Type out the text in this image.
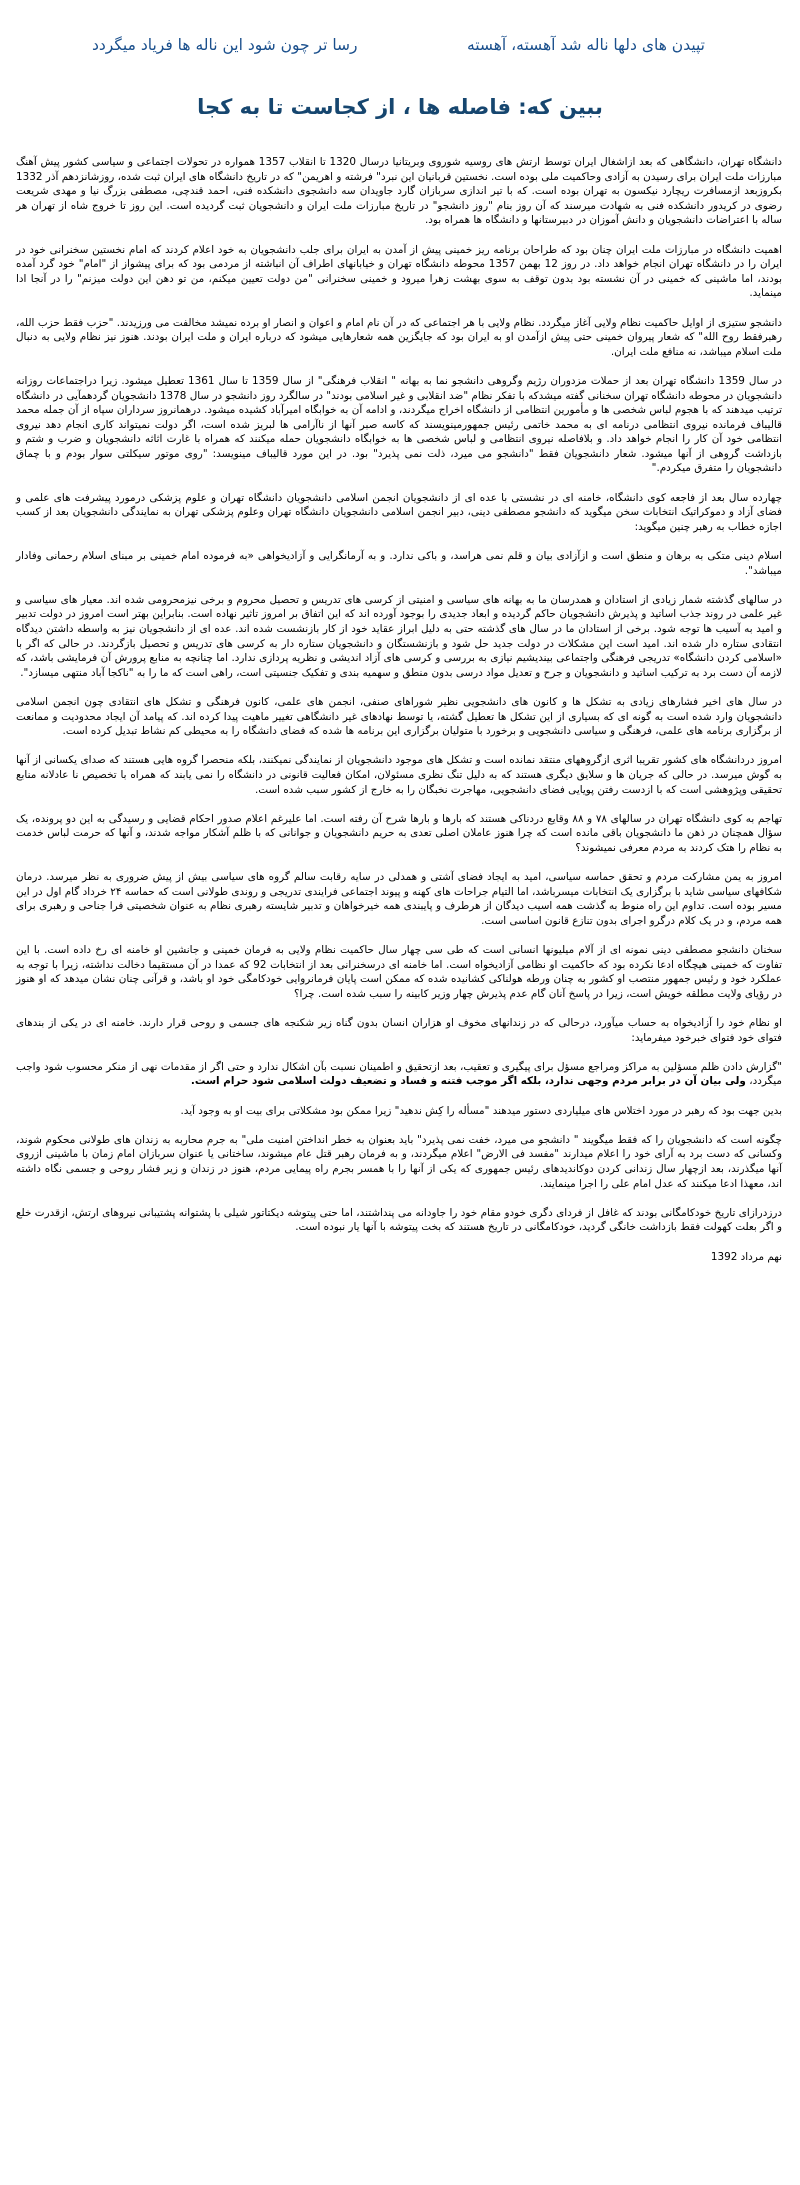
تپیدن های دلها ناله شد آهسته، آهسته
رسا تر چون شود این ناله ها فریاد میگردد
ببین که: فاصله ها ، از کجاست تا به کجا

دانشگاه تهران، دانشگاهی که بعد ازاشغال ایران توسط ارتش های روسیه شوروی وبریتانیا درسال 1320 تا انقلاب 1357 همواره در تحولات اجتماعی و سیاسی کشور پیش آهنگ مبارزات ملت ایران برای رسیدن به آزادی وحاکمیت ملی بوده است. نخستین قربانیان این نبرد" فرشته و اهریمن" که در تاریخ دانشگاه های ایران ثبت شده، روزشانزدهم آذر 1332 بکروزبعد ازمسافرت ریچارد نیکسون به تهران بوده است. که با تیر اندازی سربازان گارد جاویدان سه دانشجوی دانشکده فنی، احمد قندچی، مصطفی بزرگ نیا و مهدی شریعت رضوی در کریدور دانشکده فنی به شهادت میرسند که آن روز بنام "روز دانشجو" در تاریخ مبارزات ملت ایران و دانشجویان ثبت گردیده است. این روز تا خروج شاه از تهران هر ساله با اعتراضات دانشجویان و دانش آموزان در دبیرستانها و دانشگاه ها همراه بود.

اهمیت دانشگاه در مبارزات ملت ایران چنان بود که طراحان برنامه ریز خمینی پیش از آمدن به ایران برای جلب دانشجویان به خود اعلام کردند که امام نخستین سخنرانی خود در ایران را در دانشگاه تهران انجام خواهد داد. در روز 12 بهمن 1357 محوطه دانشگاه تهران و خیابانهای اطراف آن انباشته از مردمی بود که برای پیشواز از "امام" خود گرد آمده بودند، اما ماشینی که خمینی در آن نشسته بود بدون توقف به سوی بهشت زهرا میرود و خمینی سخنرانی "من دولت تعیین میکنم، من تو دهن این دولت میزنم" را در آنجا ادا مینماید.

دانشجو ستیزی از اوایل حاکمیت نظام ولایی آغاز میگردد. نظام ولایی با هر اجتماعی که در آن نام امام و اعوان و انصار او برده نمیشد مخالفت می ورزیدند. "حزب فقط حزب الله، رهبرفقط روح الله" که شعار پیروان خمینی حتی پیش ازآمدن او به ایران بود که جایگزین همه شعارهایی میشود که درباره ایران و ملت ایران بودند. هنوز نیز نظام ولایی به دنبال ملت اسلام میباشد، نه منافع ملت ایران.

در سال 1359 دانشگاه تهران بعد از حملات مزدوران رژیم وگروهی دانشجو نما به بهانه " انقلاب فرهنگی" از سال 1359 تا سال 1361 تعطیل میشود. زیرا دراجتماعات روزانه دانشجویان در محوطه دانشگاه تهران سخنانی گفته میشدکه با تفکر نظام "ضد انقلابی و غیر اسلامی بودند" در سالگرد روز دانشجو در سال 1378 دانشجویان گردهمآیی در دانشگاه ترتیب میدهند که با هجوم لباس شخصی ها و مأمورین انتظامی از دانشگاه اخراج میگردند، و ادامه آن به خوابگاه امیرآباد کشیده میشود. درهمانروز سرداران سپاه از آن جمله محمد قالیباف فرمانده نیروی انتظامی درنامه ای به محمد خاتمی رئیس جمهورمینویسند که کاسه صبر آنها از ناآرامی ها لبریز شده است، اگر دولت نمیتواند کاری انجام دهد نیروی انتظامی خود آن کار را انجام خواهد داد. و بلافاصله نیروی انتظامی و لباس شخصی ها به خوابگاه دانشجویان حمله میکنند که همراه با غارت اثاثه دانشجویان و ضرب و شتم و بازداشت گروهی از آنها میشود. شعار دانشجویان فقط "دانشجو می میرد، ذلت نمی پذیرد" بود. در این مورد قالیباف مینویسد: "روی موتور سیکلتی سوار بودم و با چماق دانشجویان را متفرق میکردم."

چهارده سال بعد از فاجعه کوی دانشگاه، خامنه ای در نشستی با عده ای از دانشجویان انجمن اسلامی دانشجویان دانشگاه تهران و علوم پزشکی درمورد پیشرفت های علمی و فضای آزاد و دموکراتیک انتخابات سخن میگوید که دانشجو مصطفی دینی، دبیر انجمن اسلامی دانشجویان دانشگاه تهران وعلوم پزشکی تهران به نمایندگی دانشجویان بعد از کسب اجازه خطاب به رهبر چنین میگوید:

اسلام دینی متکی به برهان و منطق است و ازآزادی بیان و قلم نمی هراسد، و باکی ندارد. و به آرمانگرایی و آزادیخواهی «به فرموده امام خمینی بر مبنای اسلام رحمانی وفادار میباشد".

در سالهای گذشته شمار زیادی از استادان و همدرسان ما به بهانه های سیاسی و امنیتی از کرسی های تدریس و تحصیل محروم و برخی نیزمحرومی شده اند. معیار های سیاسی و غیر علمی در روند جذب اساتید و پذیرش دانشجویان حاکم گردیده و ابعاد جدیدی را بوجود آورده اند که این اتفاق بر امروز تاثیر نهاده است. بنابراین بهتر است امروز در دولت تدبیر و امید به آسیب ها توجه شود. برخی از استادان ما در سال های گذشته حتی به دلیل ابراز عقاید خود از کار بازنشست شده اند. عده ای از دانشجویان نیز به واسطه داشتن دیدگاه انتقادی ستاره دار شده اند. امید است این مشکلات در دولت جدید حل شود و بازنشستگان و دانشجویان ستاره دار به کرسی های تدریس و تحصیل بازگردند. در حالی که اگر با «اسلامی کردن دانشگاه» تدریجی فرهنگی واجتماعی بیندیشیم نیازی به بررسی و کرسی های آزاد اندیشی و نظریه پردازی ندارد. اما چنانچه به منابع پرورش آن فرمایشی باشد، که لازمه آن دست برد به ترکیب اساتید و دانشجویان و جرح و تعدیل مواد درسی بدون منطق و سهمیه بندی و تفکیک جنسیتی است، راهی است که ما را به "ناکجا آباد منتهی میسازد".

در سال های اخیر فشارهای زیادی به تشکل ها و کانون های دانشجویی نظیر شوراهای صنفی، انجمن های علمی، کانون فرهنگی و تشکل های انتقادی چون انجمن اسلامی دانشجویان وارد شده است به گونه ای که بسیاری از این تشکل ها تعطیل گشته، یا توسط نهادهای غیر دانشگاهی تغییر ماهیت پیدا کرده اند. که پیامد آن ایجاد محدودیت و ممانعت از برگزاری برنامه های علمی، فرهنگی و سیاسی دانشجویی و برخورد با متولیان برگزاری این برنامه ها شده که فضای دانشگاه را به محیطی کم نشاط تبدیل کرده است.

امروز دردانشگاه های کشور تقریبا اثری ازگروههای منتقد نمانده است و تشکل های موجود دانشجویان از نمایندگی نمیکنند، بلکه منحصرا گروه هایی هستند که صدای یکسانی از آنها به گوش میرسد. در حالی که جریان ها و سلایق دیگری هستند که به دلیل تنگ نظری مسئولان، امکان فعالیت قانونی در دانشگاه را نمی یابند که همراه با تخصیص نا عادلانه منابع تحقیقی وپژوهشی است که با ازدست رفتن پویایی فضای دانشجویی، مهاجرت نخبگان را به خارج از کشور سبب شده است.

تهاجم به کوی دانشگاه تهران در سالهای ۷۸ و ۸۸ وقایع دردناکی هستند که بارها و بارها شرح آن رفته است. اما علیرغم اعلام صدور احکام قضایی و رسیدگی به این دو پرونده، یک سؤال همچنان در ذهن ما دانشجویان باقی مانده است که چرا هنوز عاملان اصلی تعدی به حریم دانشجویان و جوانانی که با ظلم آشکار مواجه شدند، و آنها که حرمت لباس خدمت به نظام را هتک کردند به مردم معرفی نمیشوند؟

امروز به یمن مشارکت مردم و تحقق حماسه سیاسی، امید به ایجاد فضای آشتی و همدلی در سایه رقابت سالم گروه های سیاسی بیش از پیش ضروری به نظر میرسد. درمان شکافهای سیاسی شاید با برگزاری یک انتخابات میسرباشد، اما التیام جراحات های کهنه و پیوند اجتماعی فرایندی تدریجی و روندی طولانی است که حماسه ۲۴ خرداد گام اول در این مسیر بوده است. تداوم این راه منوط به گذشت همه اسیب دیدگان از هرطرف و پایبندی همه خیرخواهان و تدبیر شایسته رهبری نظام به عنوان شخصیتی فرا جناحی و رهبری برای همه مردم، و در یک کلام درگرو اجرای بدون تنازع قانون اساسی است.

سخنان دانشجو مصطفی دینی نمونه ای از آلام میلیونها انسانی است که طی سی چهار سال حاکمیت نظام ولایی به فرمان خمینی و جانشین او خامنه ای رخ داده است. با این تفاوت که خمینی هیچگاه ادعا نکرده بود که حاکمیت او نظامی آزادیخواه است. اما خامنه ای درسخنرانی بعد از انتخابات 92 که عمدا در آن مستقیما دخالت نداشته، زیرا با توجه به عملکرد خود و رئیس جمهور منتصب او کشور به چنان ورطه هولناکی کشانیده شده که ممکن است پایان فرمانروایی خودکامگی خود او باشد، و قرآنی چنان نشان میدهد که او هنوز در رؤیای ولایت مطلقه خویش است، زیرا در پاسخ آنان گام عدم پذیرش چهار وزیر کابینه را سبب شده است. چرا؟

او نظام خود را آزادیخواه به حساب میآورد، درحالی که در زندانهای مخوف او هزاران انسان بدون گناه زیر شکنجه های جسمی و روحی قرار دارند. خامنه ای در یکی از بندهای فتوای خود فتوای خبرخود میفرماید:

"گزارش دادن ظلم مسؤلین به مراکز ومراجع مسؤل برای پیگیری و تعقیب، بعد ازتحقیق و اطمینان نسبت بآن اشکال ندارد و حتی اگر از مقدمات نهی از منکر محسوب شود واجب میگردد، ولی بیان آن در برابر مردم وجهی ندارد، بلکه اگر موجب فتنه و فساد و تضعیف دولت اسلامی شود حرام است.

بدین جهت بود که رهبر در مورد اختلاس های میلیاردی دستور میدهند "مسأله را کِش ندهید" زیرا ممکن بود مشکلاتی برای بیت او به وجود آید.

چگونه است که دانشجویان را که فقط میگویند " دانشجو می میرد، خفت نمی پذیرد" باید بعنوان به خطر انداختن امنیت ملی" به جرم محاربه به زندان های طولانی محکوم شوند، وکسانی که دست برد به آرای خود را اعلام میدارند "مفسد فی الارض" اعلام میگردند، و به فرمان رهبر قتل عام میشوند، ساختانی یا عنوان سربازان امام زمان با ماشینی ازروی آنها میگذرند، بعد ازچهار سال زندانی کردن دوکاندیدهای رئیس جمهوری که یکی از آنها را با همسر بجرم راه پیمایی مردم، هنوز در زندان و زیر فشار روحی و جسمی نگاه داشته اند، معهذا ادعا میکنند که عدل امام علی را اجرا مینمایند.

درزدرازای تاریخ خودکامگانی بودند که غافل از فردای دگری خودو مقام خود را جاودانه می پنداشتند، اما حتی پیتوشه دیکتاتور شیلی با پشتوانه پشتیبانی نیروهای ارتش، ازقدرت خلع و اگر بعلت کهولت فقط بازداشت خانگی گردید، خودکامگانی در تاریخ هستند که بخت پیتوشه با آنها یار نبوده است.

نهم مرداد 1392
